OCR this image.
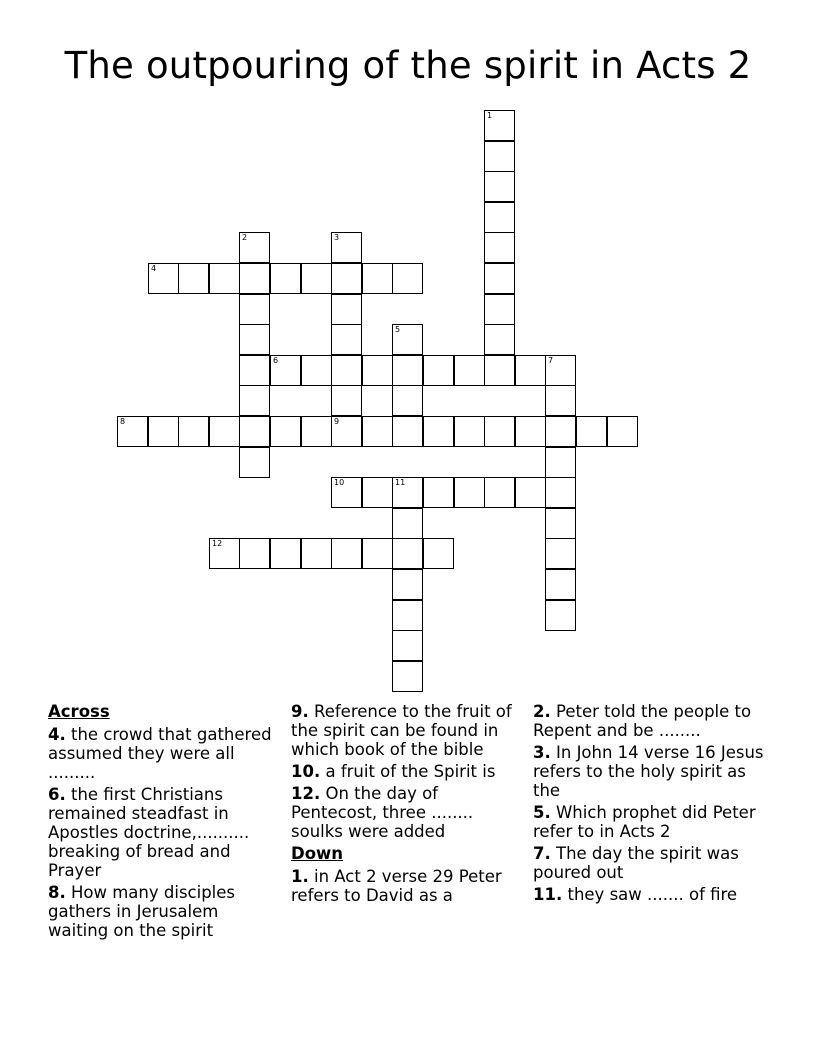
The outpouring of the spirit in Acts 2
1
2	3
4
5
6	7
8	9
10	11
12
Across
4. the crowd that gathered assumed they were all .........
6. the first Christians remained steadfast in Apostles doctrine,.......... breaking of bread and Prayer
8. How many disciples gathers in Jerusalem waiting on the spirit
9. Reference to the fruit of the spirit can be found in which book of the bible
10. a fruit of the Spirit is
12. On the day of Pentecost, three ........ soulks were added
Down
1. in Act 2 verse 29 Peter refers to David as a
2. Peter told the people to Repent and be ........
3. In John 14 verse 16 Jesus refers to the holy spirit as the
5. Which prophet did Peter refer to in Acts 2
7. The day the spirit was poured out
11. they saw ....... of fire
